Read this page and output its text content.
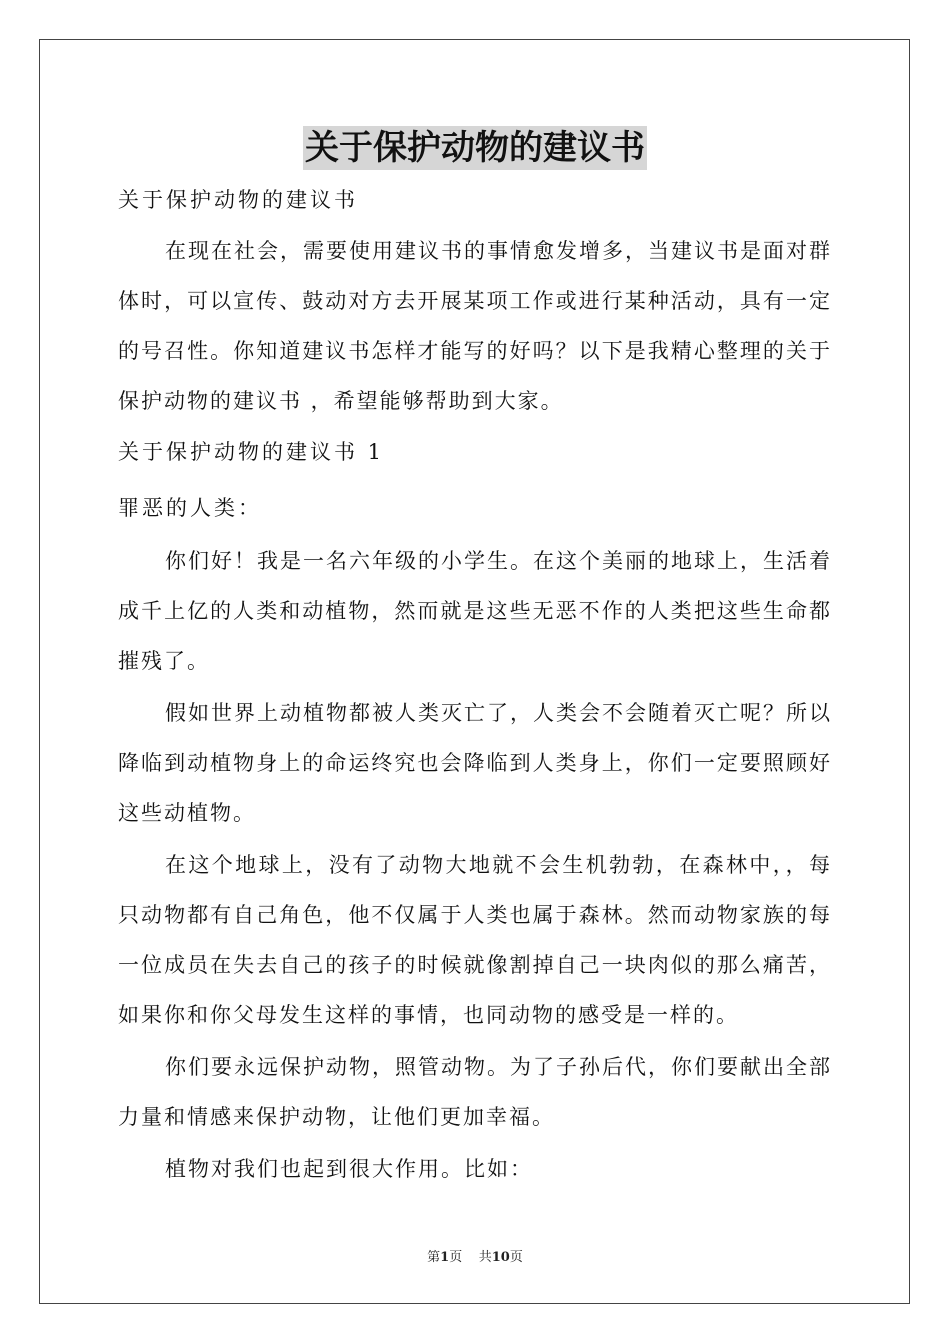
关于保护动物的建议书

关于保护动物的建议书

在现在社会，需要使用建议书的事情愈发增多，当建议书是面对群体时，可以宣传、鼓动对方去开展某项工作或进行某种活动，具有一定的号召性。你知道建议书怎样才能写的好吗？以下是我精心整理的关于保护动物的建议书 ，希望能够帮助到大家。

关于保护动物的建议书 1

罪恶的人类：

你们好！我是一名六年级的小学生。在这个美丽的地球上，生活着成千上亿的人类和动植物，然而就是这些无恶不作的人类把这些生命都摧残了。

假如世界上动植物都被人类灭亡了，人类会不会随着灭亡呢？所以降临到动植物身上的命运终究也会降临到人类身上，你们一定要照顾好这些动植物。

在这个地球上，没有了动物大地就不会生机勃勃，在森林中，，每只动物都有自己角色，他不仅属于人类也属于森林。然而动物家族的每一位成员在失去自己的孩子的时候就像割掉自己一块肉似的那么痛苦，如果你和你父母发生这样的事情，也同动物的感受是一样的。

你们要永远保护动物，照管动物。为了子孙后代，你们要献出全部力量和情感来保护动物，让他们更加幸福。

植物对我们也起到很大作用。比如：

第1页 共10页
